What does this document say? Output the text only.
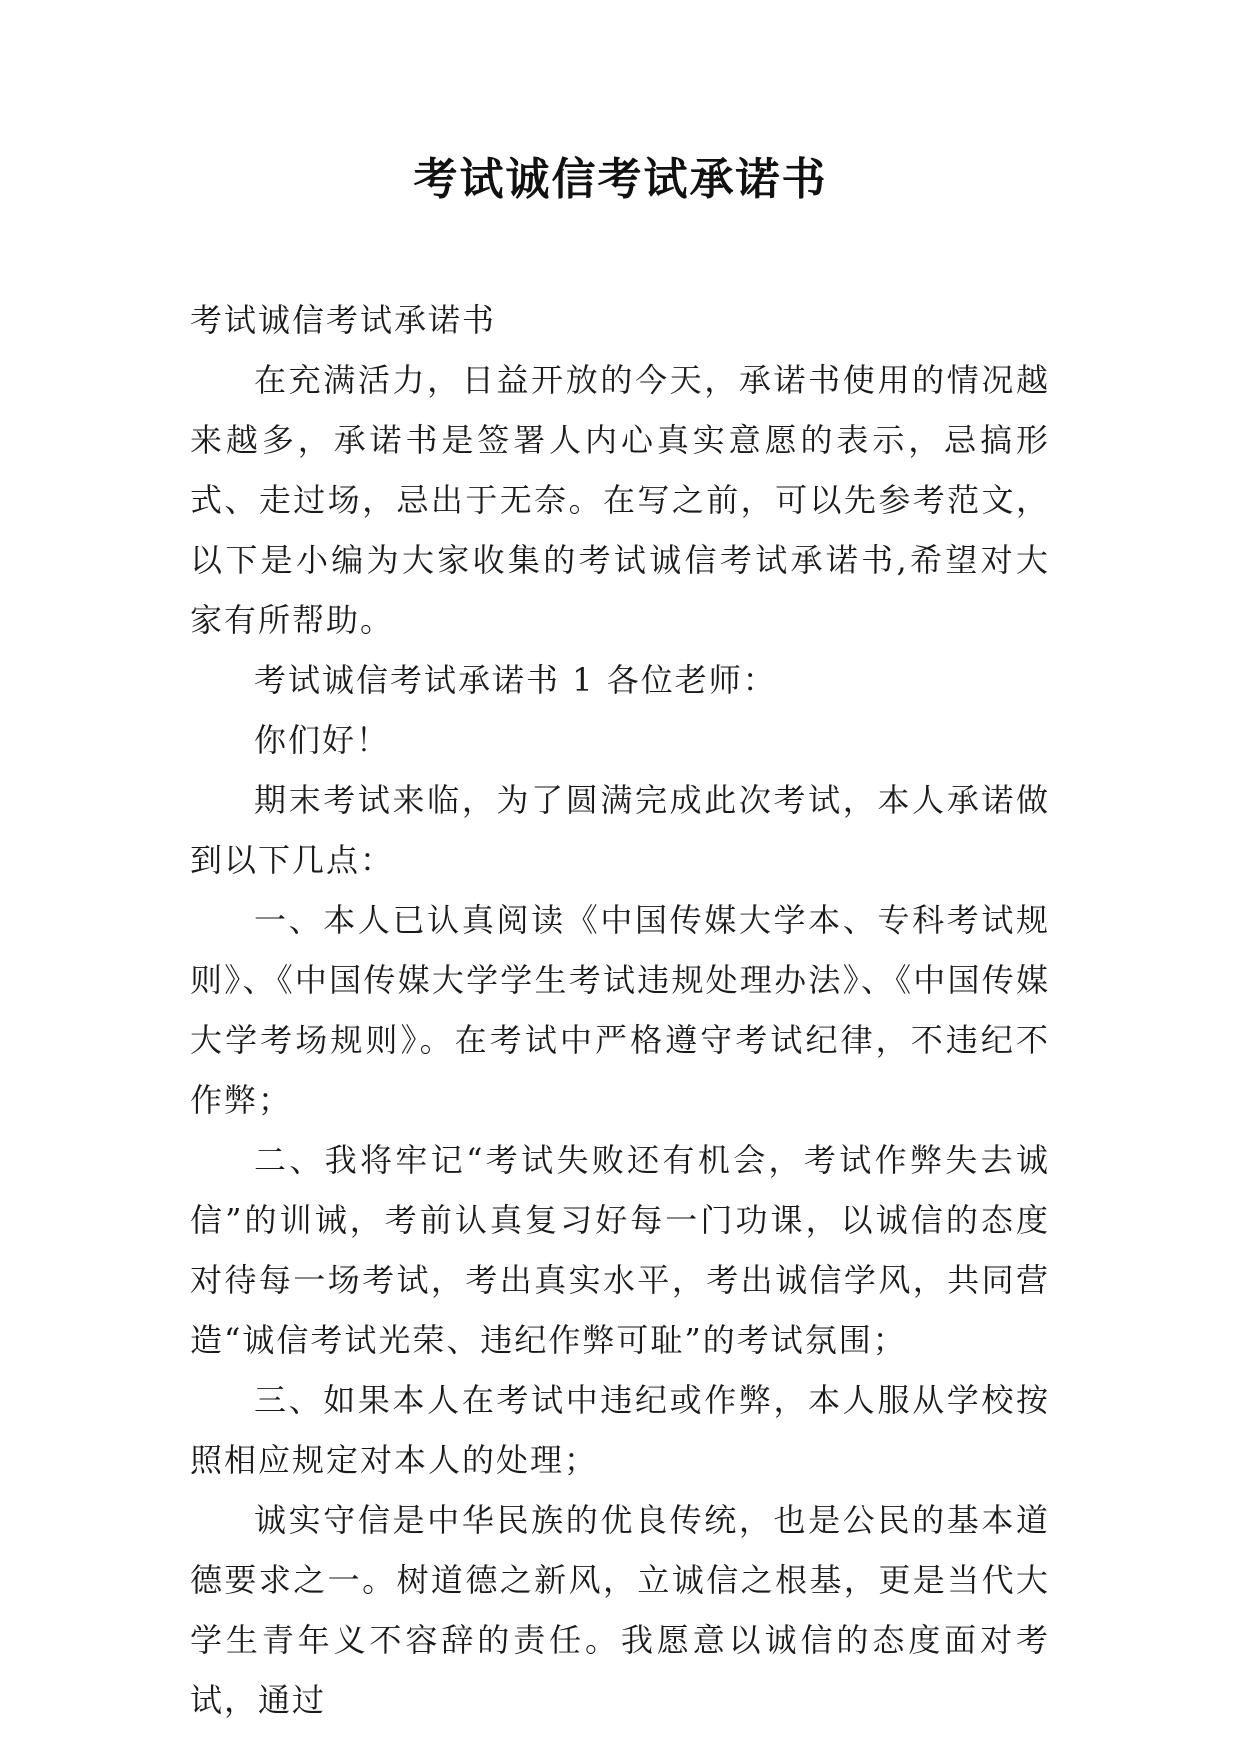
考试诚信考试承诺书

考试诚信考试承诺书

在充满活力，日益开放的今天，承诺书使用的情况越来越多，承诺书是签署人内心真实意愿的表示，忌搞形式、走过场，忌出于无奈。在写之前，可以先参考范文，以下是小编为大家收集的考试诚信考试承诺书,希望对大家有所帮助。

考试诚信考试承诺书 1 各位老师：

你们好！

期末考试来临，为了圆满完成此次考试，本人承诺做到以下几点：

一、本人已认真阅读《中国传媒大学本、专科考试规则》、《中国传媒大学学生考试违规处理办法》、《中国传媒大学考场规则》。在考试中严格遵守考试纪律，不违纪不作弊；

二、我将牢记“考试失败还有机会，考试作弊失去诚信”的训诫，考前认真复习好每一门功课，以诚信的态度对待每一场考试，考出真实水平，考出诚信学风，共同营造“诚信考试光荣、违纪作弊可耻”的考试氛围；

三、如果本人在考试中违纪或作弊，本人服从学校按照相应规定对本人的处理；

诚实守信是中华民族的优良传统，也是公民的基本道德要求之一。树道德之新风，立诚信之根基，更是当代大学生青年义不容辞的责任。我愿意以诚信的态度面对考试，通过
